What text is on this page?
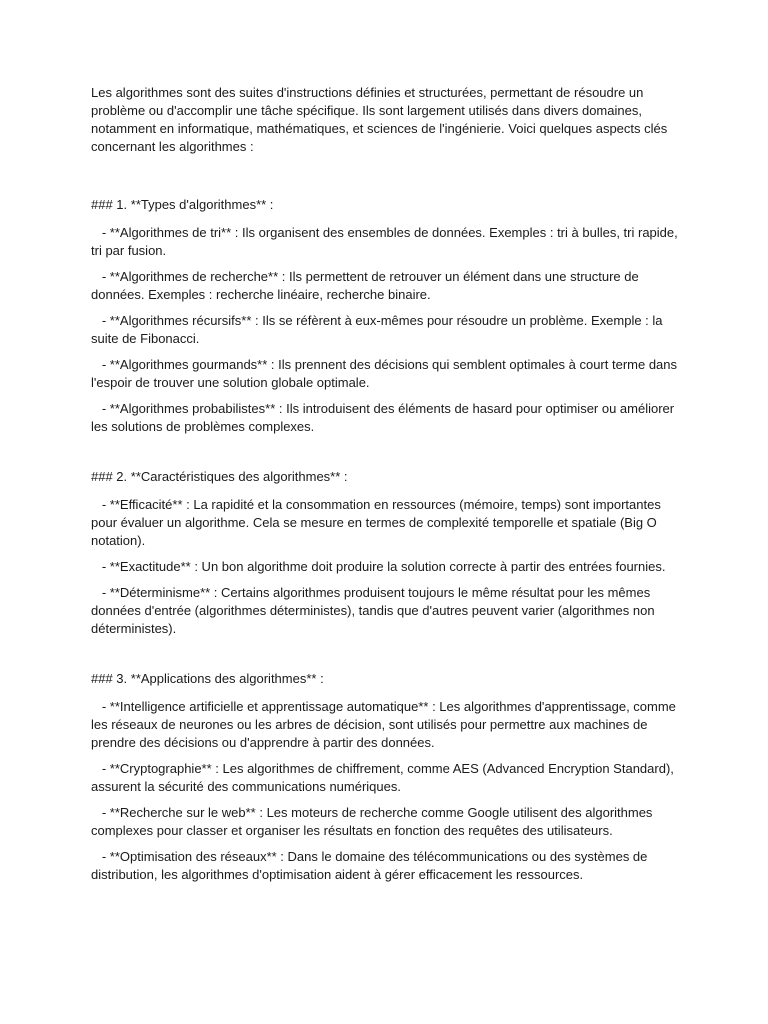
Les algorithmes sont des suites d'instructions définies et structurées, permettant de résoudre un problème ou d'accomplir une tâche spécifique. Ils sont largement utilisés dans divers domaines, notamment en informatique, mathématiques, et sciences de l'ingénierie. Voici quelques aspects clés concernant les algorithmes :

### 1. **Types d'algorithmes** :

- **Algorithmes de tri** : Ils organisent des ensembles de données. Exemples : tri à bulles, tri rapide, tri par fusion.

- **Algorithmes de recherche** : Ils permettent de retrouver un élément dans une structure de données. Exemples : recherche linéaire, recherche binaire.

- **Algorithmes récursifs** : Ils se réfèrent à eux-mêmes pour résoudre un problème. Exemple : la suite de Fibonacci.

- **Algorithmes gourmands** : Ils prennent des décisions qui semblent optimales à court terme dans l'espoir de trouver une solution globale optimale.

- **Algorithmes probabilistes** : Ils introduisent des éléments de hasard pour optimiser ou améliorer les solutions de problèmes complexes.

### 2. **Caractéristiques des algorithmes** :

- **Efficacité** : La rapidité et la consommation en ressources (mémoire, temps) sont importantes pour évaluer un algorithme. Cela se mesure en termes de complexité temporelle et spatiale (Big O notation).

- **Exactitude** : Un bon algorithme doit produire la solution correcte à partir des entrées fournies.

- **Déterminisme** : Certains algorithmes produisent toujours le même résultat pour les mêmes données d'entrée (algorithmes déterministes), tandis que d'autres peuvent varier (algorithmes non déterministes).

### 3. **Applications des algorithmes** :

- **Intelligence artificielle et apprentissage automatique** : Les algorithmes d'apprentissage, comme les réseaux de neurones ou les arbres de décision, sont utilisés pour permettre aux machines de prendre des décisions ou d'apprendre à partir des données.

- **Cryptographie** : Les algorithmes de chiffrement, comme AES (Advanced Encryption Standard), assurent la sécurité des communications numériques.

- **Recherche sur le web** : Les moteurs de recherche comme Google utilisent des algorithmes complexes pour classer et organiser les résultats en fonction des requêtes des utilisateurs.

- **Optimisation des réseaux** : Dans le domaine des télécommunications ou des systèmes de distribution, les algorithmes d'optimisation aident à gérer efficacement les ressources.
